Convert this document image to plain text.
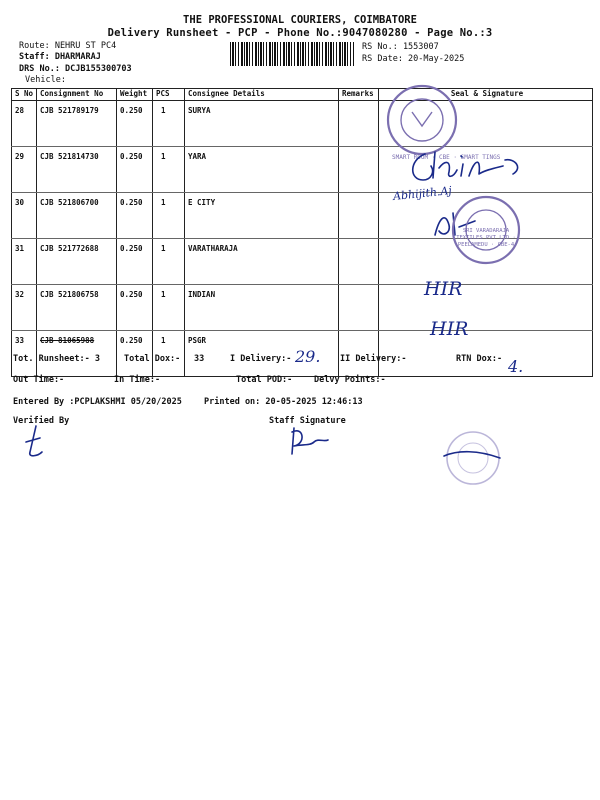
THE PROFESSIONAL COURIERS, COIMBATORE
Delivery Runsheet - PCP - Phone No.:9047080280 - Page No.:3
Route: NEHRU ST PC4
Staff: DHARMARAJ
DRS No.: DCJB155300703
Vehicle:
RS No.: 1553007
RS Date: 20-May-2025
S No	Consignment No	Weight	PCS	Consignee Details	Remarks	Seal & Signature
28	CJB 521789179	0.250	1	SURYA		
29	CJB 521814730	0.250	1	YARA		
30	CJB 521806700	0.250	1	E CITY		
31	CJB 521772688	0.250	1	VARATHARAJA		
32	CJB 521806758	0.250	1	INDIAN		
33	CJB 81065988	0.250	1	PSGR		
SMART ROOM · CBE · SMART TINGS
Abhijith.Aj
SRI VARADARAJA TEXTILES PVT LTD · PEELAMEDU · CBE-4
HIR
HIR
Tot. Runsheet:- 3	Total Dox:- 33	I Delivery:- 29. II Delivery:-	RTN Dox:- 4.
Out Time:-	In Time:-	Total POD:-	Delvy Points:-
Entered By :PCPLAKSHMI 05/20/2025	Printed on: 20-05-2025 12:46:13
Verified By	Staff Signature
